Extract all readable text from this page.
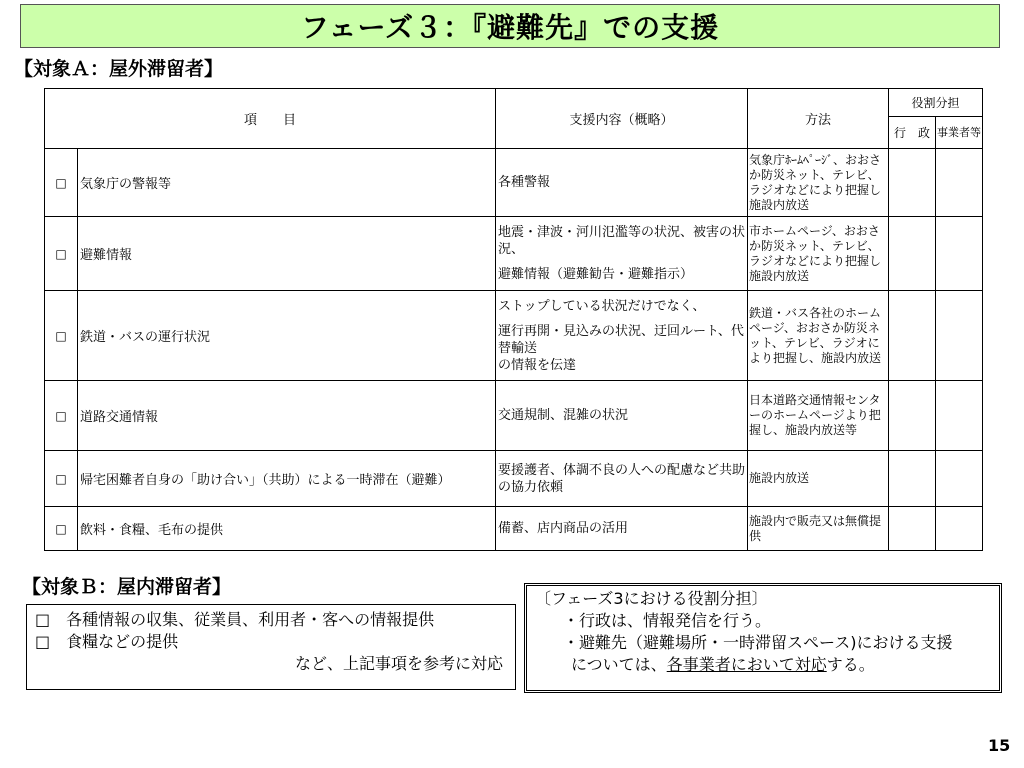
フェーズ３：『避難先』での支援
【対象Ａ：屋外滞留者】
項　　目		支援内容（概略）	方法	役割分担	
				行　政	事業者等
□	気象庁の警報等	各種警報	気象庁ﾎｰﾑﾍﾟｰｼﾞ、おおさか防災ネット、テレビ、ラジオなどにより把握し施設内放送		
□	避難情報	地震・津波・河川氾濫等の状況、被害の状況、
避難情報（避難勧告・避難指示）	市ホームページ、おおさか防災ネット、テレビ、ラジオなどにより把握し施設内放送		
□	鉄道・バスの運行状況	ストップしている状況だけでなく、
運行再開・見込みの状況、迂回ルート、代替輸送
の情報を伝達	鉄道・バス各社のホームページ、おおさか防災ネット、テレビ、ラジオにより把握し、施設内放送		
□	道路交通情報	交通規制、混雑の状況	日本道路交通情報センターのホームページより把握し、施設内放送等		
□	帰宅困難者自身の「助け合い」（共助）による一時滞在（避難）	要援護者、体調不良の人への配慮など共助の協力依頼	施設内放送		
□	飲料・食糧、毛布の提供	備蓄、店内商品の活用	施設内で販売又は無償提供		
【対象Ｂ：屋内滞留者】
□　各種情報の収集、従業員、利用者・客への情報提供
□　食糧などの提供
など、上記事項を参考に対応
〔フェーズ3における役割分担〕
・行政は、情報発信を行う。
・避難先（避難場所・一時滞留スペース)における支援
については、各事業者において対応する。
15
